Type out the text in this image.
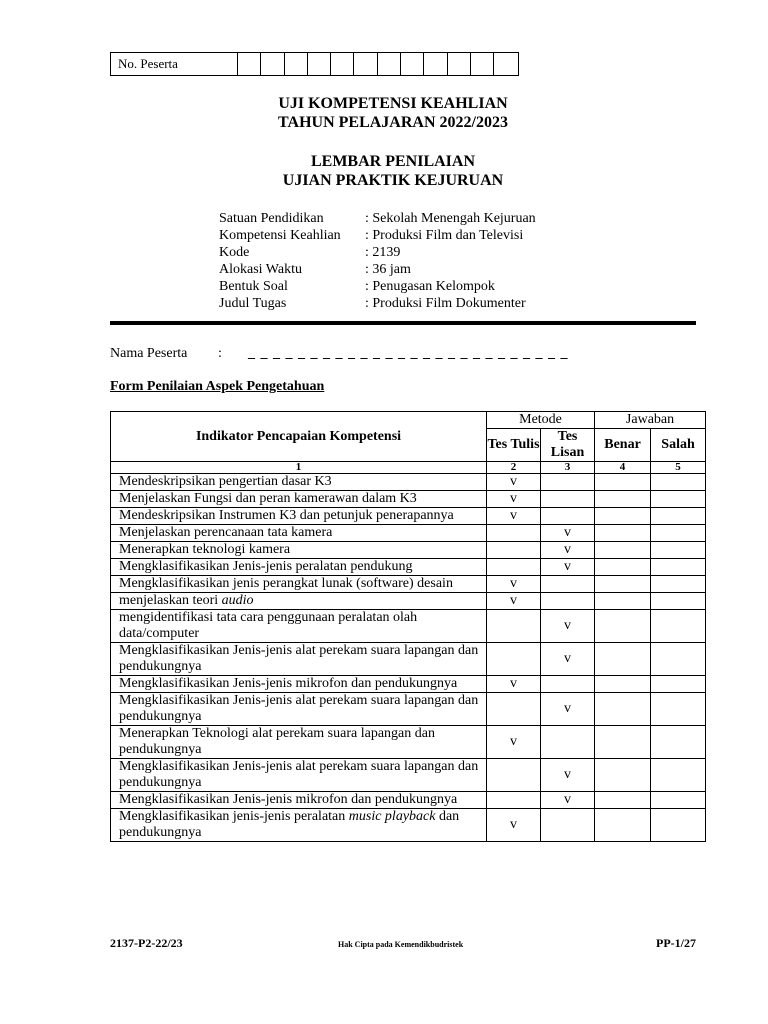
No. Peserta
UJI KOMPETENSI KEAHLIAN
TAHUN PELAJARAN 2022/2023
LEMBAR PENILAIAN
UJIAN PRAKTIK KEJURUAN
Satuan Pendidikan	: Sekolah Menengah Kejuruan
Kompetensi Keahlian	: Produksi Film dan Televisi
Kode	: 2139
Alokasi Waktu	: 36 jam
Bentuk Soal	: Penugasan Kelompok
Judul Tugas	: Produksi Film Dokumenter
Nama Peserta	:	_ _ _ _ _ _ _ _ _ _ _ _ _ _ _ _ _ _ _ _ _ _ _ _ _ _
Form Penilaian Aspek Pengetahuan
Indikator Pencapaian Kompetensi	Metode		Jawaban	
	Tes Tulis	Tes Lisan	Benar	Salah
1	2	3	4	5
Mendeskripsikan pengertian dasar K3	v			
Menjelaskan Fungsi dan peran kamerawan dalam K3	v			
Mendeskripsikan Instrumen K3 dan petunjuk penerapannya	v			
Menjelaskan perencanaan tata kamera		v		
Menerapkan teknologi kamera		v		
Mengklasifikasikan Jenis-jenis peralatan pendukung		v		
Mengklasifikasikan jenis perangkat lunak (software) desain	v			
menjelaskan teori audio	v			
mengidentifikasi tata cara penggunaan peralatan olah data/computer		v		
Mengklasifikasikan Jenis-jenis alat perekam suara lapangan dan pendukungnya		v		
Mengklasifikasikan Jenis-jenis mikrofon dan pendukungnya	v			
Mengklasifikasikan Jenis-jenis alat perekam suara lapangan dan pendukungnya		v		
Menerapkan Teknologi alat perekam suara lapangan dan pendukungnya	v			
Mengklasifikasikan Jenis-jenis alat perekam suara lapangan dan pendukungnya		v		
Mengklasifikasikan Jenis-jenis mikrofon dan pendukungnya		v		
Mengklasifikasikan jenis-jenis peralatan music playback dan pendukungnya	v			
2137-P2-22/23	Hak Cipta pada Kemendikbudristek	PP-1/27
